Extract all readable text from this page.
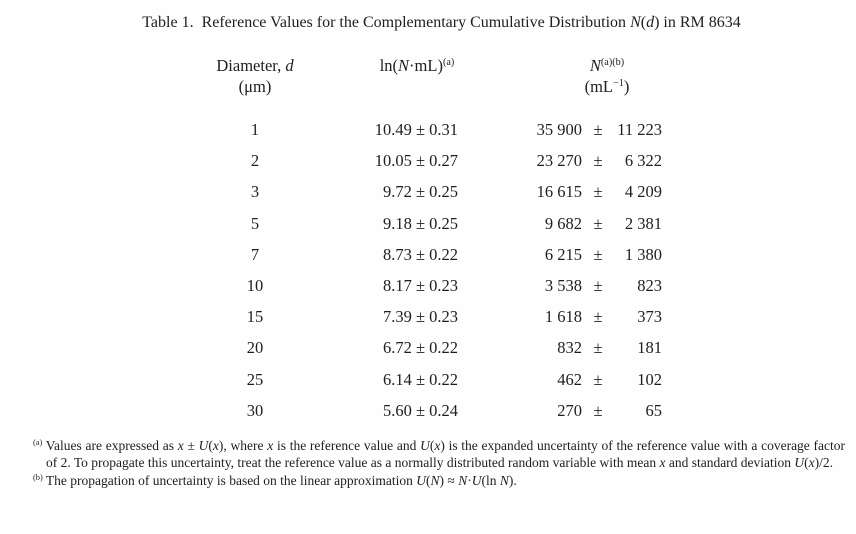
Table 1.  Reference Values for the Complementary Cumulative Distribution N(d) in RM 8634
Diameter, d
(μm)
$\ln(N\cdot mL)^{(a)}$	$N^{(a)(b)}$
$(mL^{-1})$
1	10.49 ± 0.31	35 900 ± 11 223
2	10.05 ± 0.27	23 270 ±	6 322
3	9.72 ± 0.25	16 615 ±	4 209
5	9.18 ± 0.25	9 682 ±	2 381
7	8.73 ± 0.22	6 215 ±	1 380
10	8.17 ± 0.23	3 538 ±	823
15	7.39 ± 0.23	1 618 ±	373
20	6.72 ± 0.22	832 ±	181
25	6.14 ± 0.22	462 ±	102
30	5.60 ± 0.24	270 ±	65

$^{(a)}$ Values are expressed as x ± U(x), where x is the reference value and U(x) is the expanded uncertainty of the reference value with a coverage factor of 2. To propagate this uncertainty, treat the reference value as a normally distributed random variable with mean x and standard deviation U(x)/2.

$^{(b)}$ The propagation of uncertainty is based on the linear approximation U(N) ≈ N·U(ln N).
